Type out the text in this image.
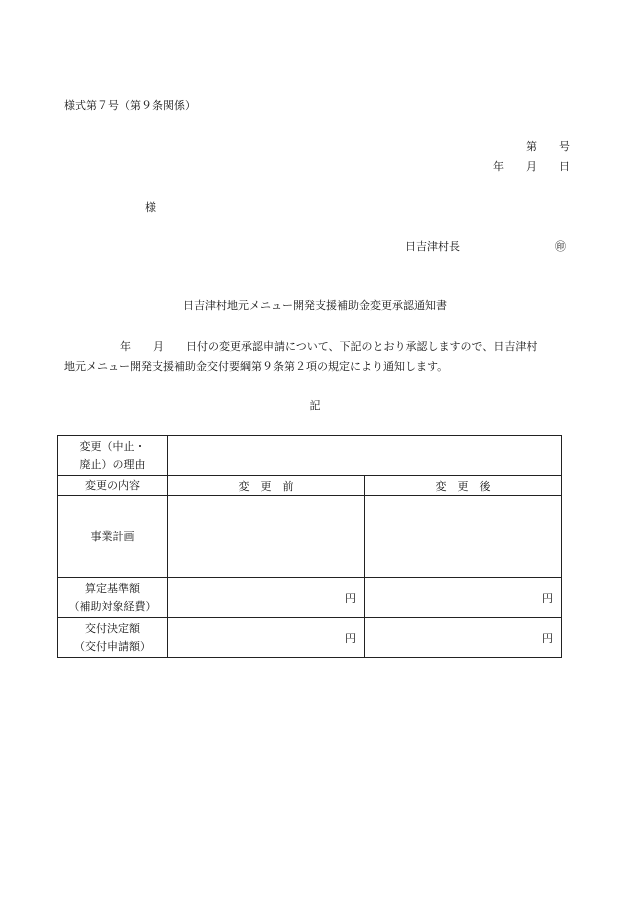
様式第７号（第９条関係）
第　　号
年　　月　　日
様
日吉津村長	㊞
日吉津村地元メニュー開発支援補助金変更承認通知書

年　　月　　日付の変更承認申請について、下記のとおり承認しますので、日吉津村

地元メニュー開発支援補助金交付要綱第９条第２項の規定により通知します。

記
変更（中止・
廃止）の理由		

変更の内容	変　更　前	変　更　後
事業計画		

算定基準額
（補助対象経費）	円	円

交付決定額
（交付申請額）	円	円
